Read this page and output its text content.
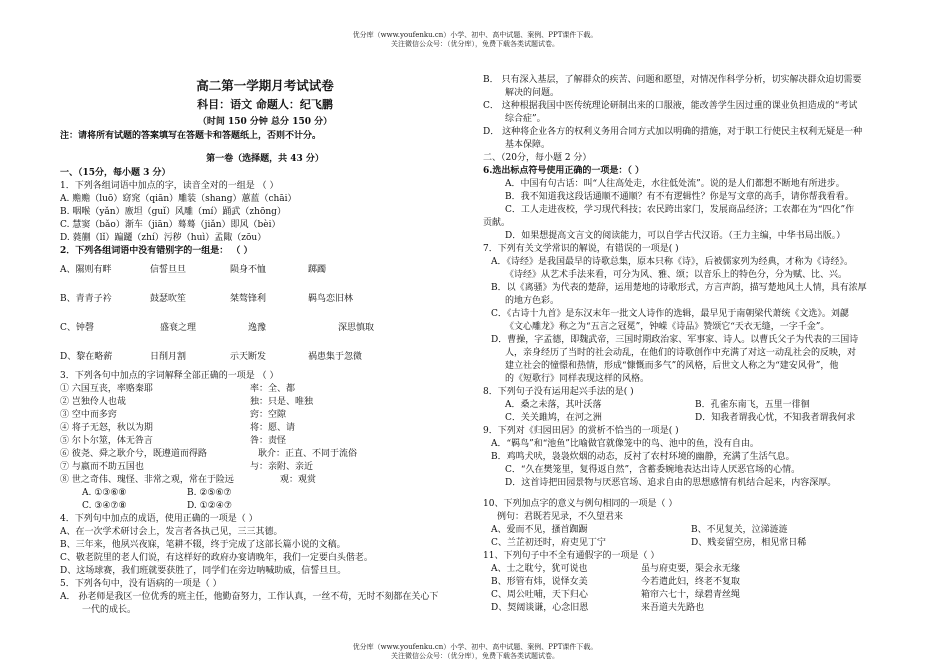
优分库（www.youfenku.cn）小学、初中、高中试题、案例、PPT课件下载。
关注微信公众号：（优分库），免费下载各类试题试卷。
高二第一学期月考试试卷
科目：语文 命题人：纪飞鹏
（时间 150 分钟 总分 150 分）
注：请将所有试题的答案填写在答题卡和答题纸上，否则不计分。
第一卷（选择题，共 43 分）
一、（15分，每小题 3 分）
1．下列各组词语中加点的字，读音全对的一组是 （ ）
A. 赡赡（luō）窈窕（qiān）雕装（shang）蕙蓝（chāi）
B. 咽喉（yǎn）廒坦（guǐ）风雕（mí）踊武（zhōng）
C. 慧窦（bǎo）渐车（jiān）蓦蓦（jiǎn）即风（bèi）
D. 蕤蒯（lǐ）蹁躚（zhí）污秽（huì）孟陬（zōu）
2．下列各组词语中没有错别字的一组是： （ ）
A、隰则有畔	信誓旦旦	陨身不恤	踯躅
B、青青子衿	鼓瑟吹笙	桀骜锋利	羁鸟恋旧林
C、钟磬	盛衰之理	逸豫	深思慎取
D、黎在略薪	日削月割	示天断发	祸患集于忽微
3．下列各句中加点的字词解释全部正确的一项是 （ ）
① 六国互丧，率赂秦耶	率：全、都
② 岂独伶人也哉	独：只是、唯独
③ 空中而多窍	窍：空隙
④ 将子无怒，秋以为期	将：愿、请
⑤ 尔卜尔筮，体无咎言	咎：责怪
⑥ 彼尧、舜之耿介兮，既遵道而得路	耿介：正直、不同于流俗
⑦ 与嬴而不助五国也	与：亲附、亲近
⑧ 世之奇伟、瑰怪、非常之观，常在于险远	观：观赏
A. ①③⑥⑧	B. ②⑤⑥⑦
C. ③④⑦⑧	D. ①②④⑦
4．下列句中加点的成语，使用正确的一项是（ ）
A、在一次学术研讨会上，发言者各执己见，三三其德。
B、三年来，他夙兴夜寐，笔耕不辍，终于完成了这部长篇小说的文稿。
C、敬老院里的老人们说，有这样好的政府办宴请晚年，我们一定要白头偕老。
D、这场球赛，我们班就要获胜了，同学们在旁边呐喊助威，信誓旦旦。
5．下列各句中，没有语病的一项是（ ）
A． 孙老师是我区一位优秀的班主任，他勤奋努力，工作认真，一丝不苟，无时不刻都在关心下
一代的成长。
B． 只有深入基层，了解群众的疾苦、问题和愿望，对情况作科学分析，切实解决群众迫切需要
解决的问题。
C． 这种根据我国中医传统理论研制出来的口服液，能改善学生因过重的课业负担造成的“考试
综合症”。
D． 这种将企业各方的权利义务用合同方式加以明确的措施，对于职工行使民主权利无疑是一种
基本保障。
二、（20分，每小题 2 分）
6.选出标点符号使用正确的一项是：（ ）
A．中国有句古话：叫“人往高处走，水往低处流”。说的是人们都想不断地有所进步。
B．我不知道我这段话通顺不通顺？有不有逻辑性？你是写文章的高手，请你帮我看看。
C．工人走进夜校，学习现代科技；农民跨出家门，发展商品经济；工农都在为“四化”作
贡献。
D．如果想提高文言文的阅读能力，可以自学古代汉语。（王力主编，中华书局出版。）
7．下列有关文学常识的解说，有错误的一项是( )
A．《诗经》是我国最早的诗歌总集，原本只称《诗》，后被儒家列为经典，才称为《诗经》。
《诗经》从艺术手法来看，可分为风、雅、颂；以音乐上的特色分，分为赋、比、兴。
B．以《离骚》为代表的楚辞，运用楚地的诗歌形式，方言声韵，描写楚地风土人情，具有浓厚
的地方色彩。
C．《古诗十九首》是东汉末年一批文人诗作的选辑，最早见于南朝梁代萧统《文选》。刘勰
《文心雕龙》称之为“五言之冠冕”，钟嵘《诗品》赞颂它“天衣无缝，一字千金”。
D．曹操，字孟德，即魏武帝，三国时期政治家、军事家、诗人。以曹氏父子为代表的三国诗
人，亲身经历了当时的社会动乱，在他们的诗歌创作中充满了对这一动乱社会的反映，对
建立社会的憧憬和热情，形成“慷慨而多气”的风格，后世文人称之为“建安风骨”，他
的《短歌行》同样表现这样的风格。
8．下列句子没有运用起兴手法的是( )
A．桑之未落，其叶沃落	B．孔雀东南飞，五里一徘徊
C．关关雎鸠，在河之洲	D．知我者谓我心忧，不知我者谓我何求
9．下列对《归园田居》的赏析不恰当的一项是( )
A．“羁鸟”和“池鱼”比喻做官就像笼中的鸟、池中的鱼，没有自由。
B．鸡鸣犬吠，袅袅炊烟的动态，反衬了农村环境的幽静，充满了生活气息。
C．“久在樊笼里，复得返自然”，含蓄委婉地表达出诗人厌恶官场的心情。
D．这首诗把田园景物与厌恶官场、追求自由的思想感情有机结合起来，内容深厚。
10、下列加点字的意义与例句相同的一项是（ ）
例句：君既若见录，不久望君来
A、爱而不见，搔首踟蹰	B、不见复关，泣涕涟涟
C、兰芷初还时，府吏见丁宁	D、贱妾留空房，相见常日稀
11、下列句子中不全有通假字的一项是（ ）
A、士之耽兮，犹可说也	虽与府吏要，渠会永无缘
B、形管有炜，说怿女美	今若遣此妇，终老不复取
C、周公吐哺，天下归心	箱帘六七十，绿碧青丝绳
D、契阔谈谦，心念旧恩	来吾道夫先路也
优分库（www.youfenku.cn）小学、初中、高中试题、案例、PPT课件下载。
关注微信公众号：（优分库），免费下载各类试题试卷。
